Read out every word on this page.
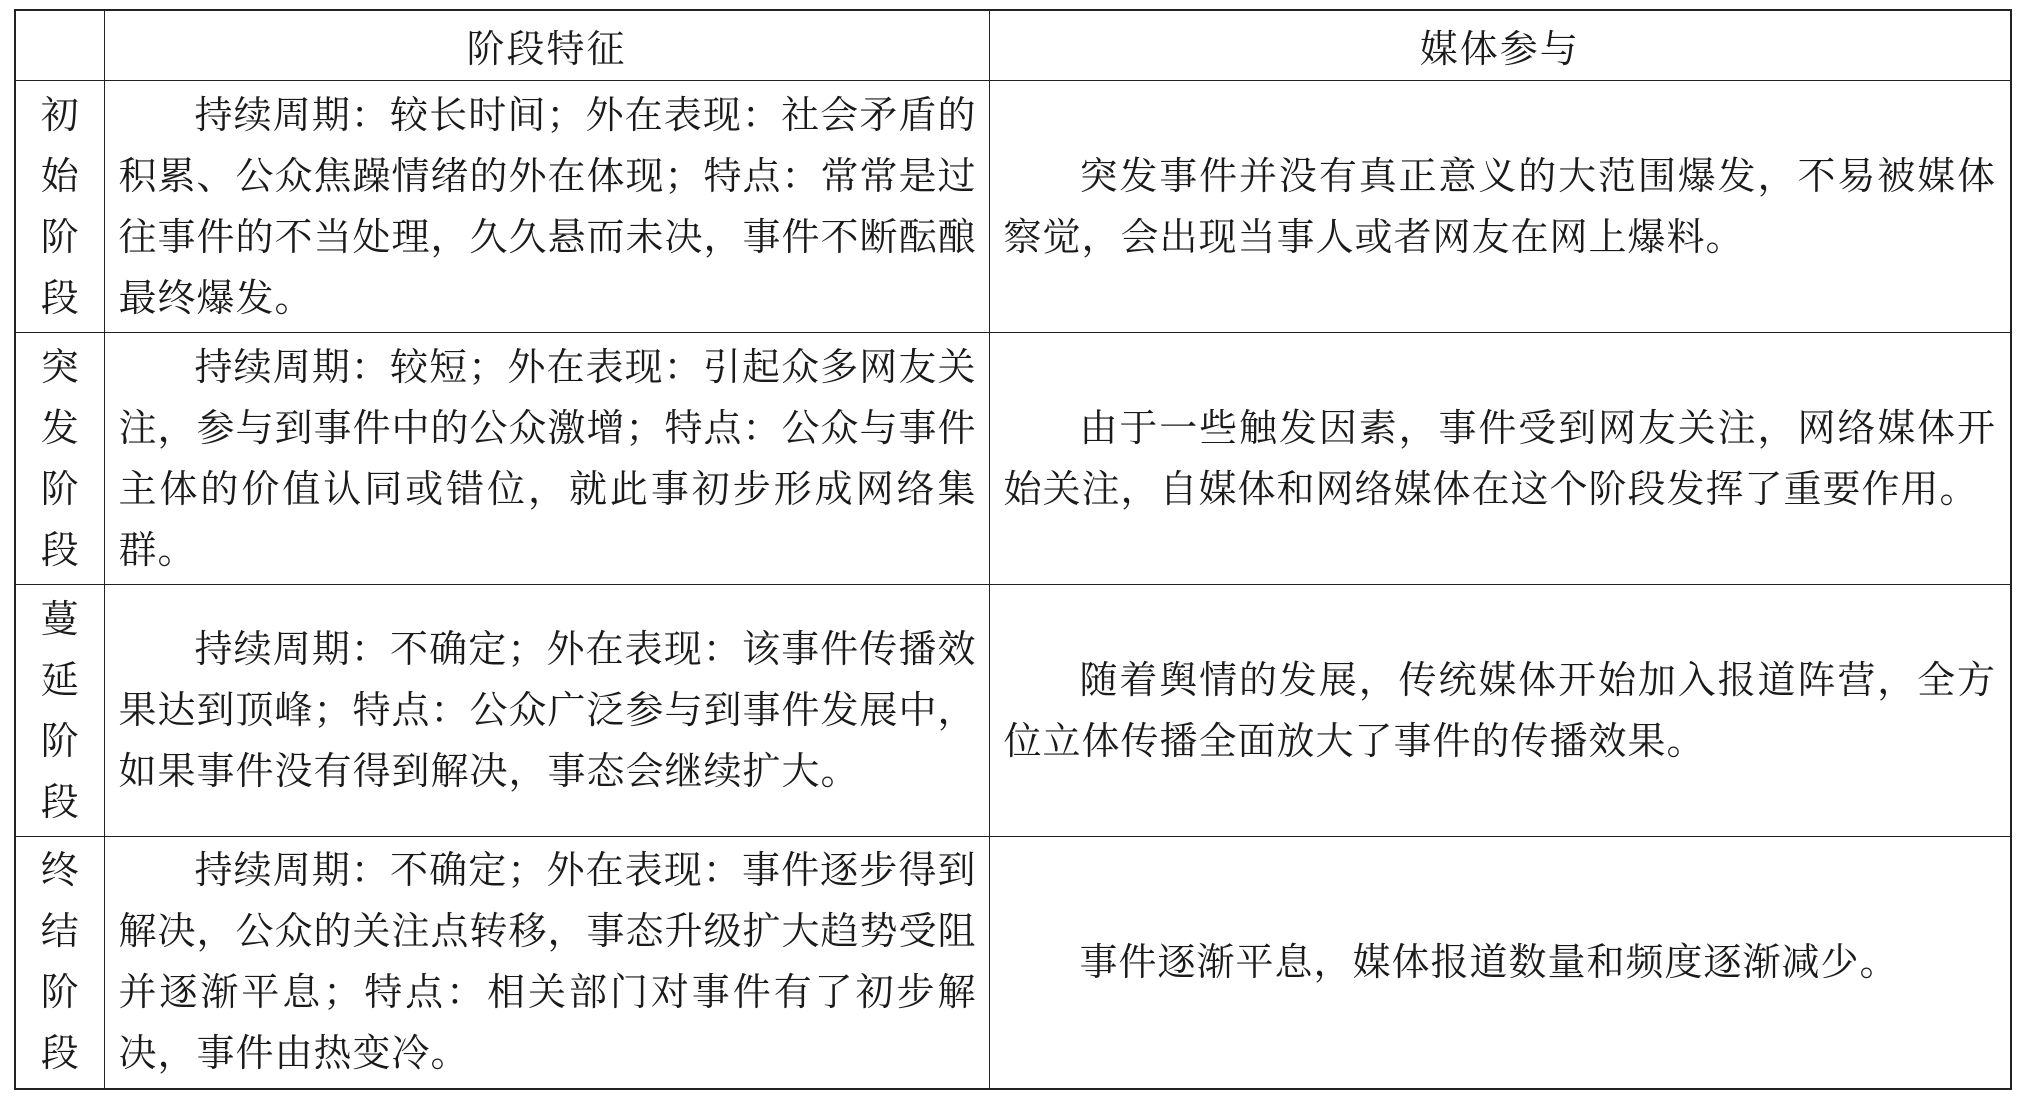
	阶段特征	媒体参与

初
始
阶
段	持续周期：较长时间；外在表现：社会矛盾的积累、公众焦躁情绪的外在体现；特点：常常是过往事件的不当处理，久久悬而未决，事件不断酝酿最终爆发。	突发事件并没有真正意义的大范围爆发，不易被媒体察觉，会出现当事人或者网友在网上爆料。

突
发
阶
段	持续周期：较短；外在表现：引起众多网友关注，参与到事件中的公众激增；特点：公众与事件主体的价值认同或错位，就此事初步形成网络集群。	由于一些触发因素，事件受到网友关注，网络媒体开始关注，自媒体和网络媒体在这个阶段发挥了重要作用。

蔓
延
阶
段	持续周期：不确定；外在表现：该事件传播效果达到顶峰；特点：公众广泛参与到事件发展中，如果事件没有得到解决，事态会继续扩大。	随着舆情的发展，传统媒体开始加入报道阵营，全方位立体传播全面放大了事件的传播效果。

终
结
阶
段	持续周期：不确定；外在表现：事件逐步得到解决，公众的关注点转移，事态升级扩大趋势受阻并逐渐平息；特点：相关部门对事件有了初步解决，事件由热变冷。	事件逐渐平息，媒体报道数量和频度逐渐减少。
